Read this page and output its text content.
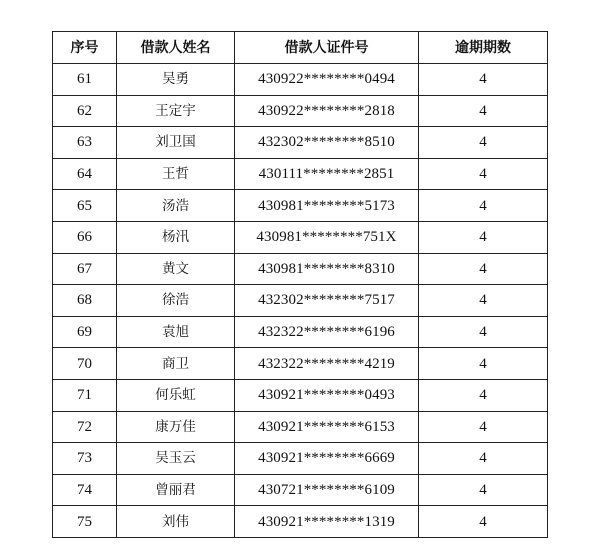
序号	借款人姓名	借款人证件号	逾期期数
61	吴勇	430922********0494	4
62	王定宇	430922********2818	4
63	刘卫国	432302********8510	4
64	王哲	430111********2851	4
65	汤浩	430981********5173	4
66	杨汛	430981********751X	4
67	黄文	430981********8310	4
68	徐浩	432302********7517	4
69	袁旭	432322********6196	4
70	商卫	432322********4219	4
71	何乐虹	430921********0493	4
72	康万佳	430921********6153	4
73	吴玉云	430921********6669	4
74	曾丽君	430721********6109	4
75	刘伟	430921********1319	4
